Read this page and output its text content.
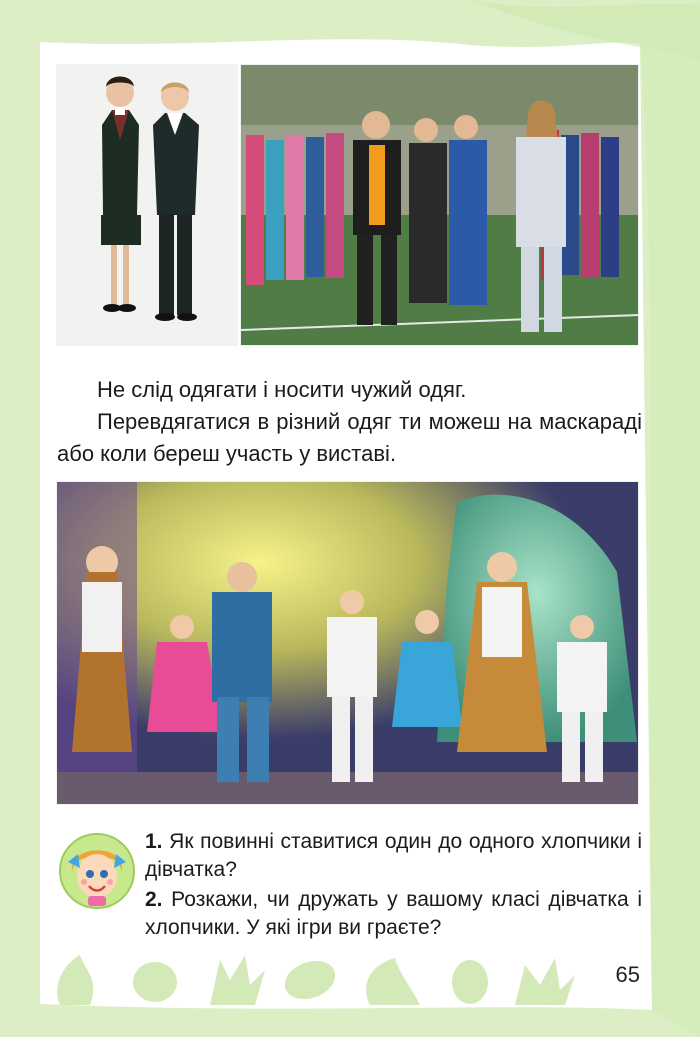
Не слід одягати і носити чужий одяг.

Перевдягатися в різний одяг ти можеш на маскараді або коли береш участь у виставі.

1. Як повинні ставитися один до одного хлопчики і дівчатка?

2. Розкажи, чи дружать у вашому класі дівчатка і хлопчики. У які ігри ви граєте?

65
